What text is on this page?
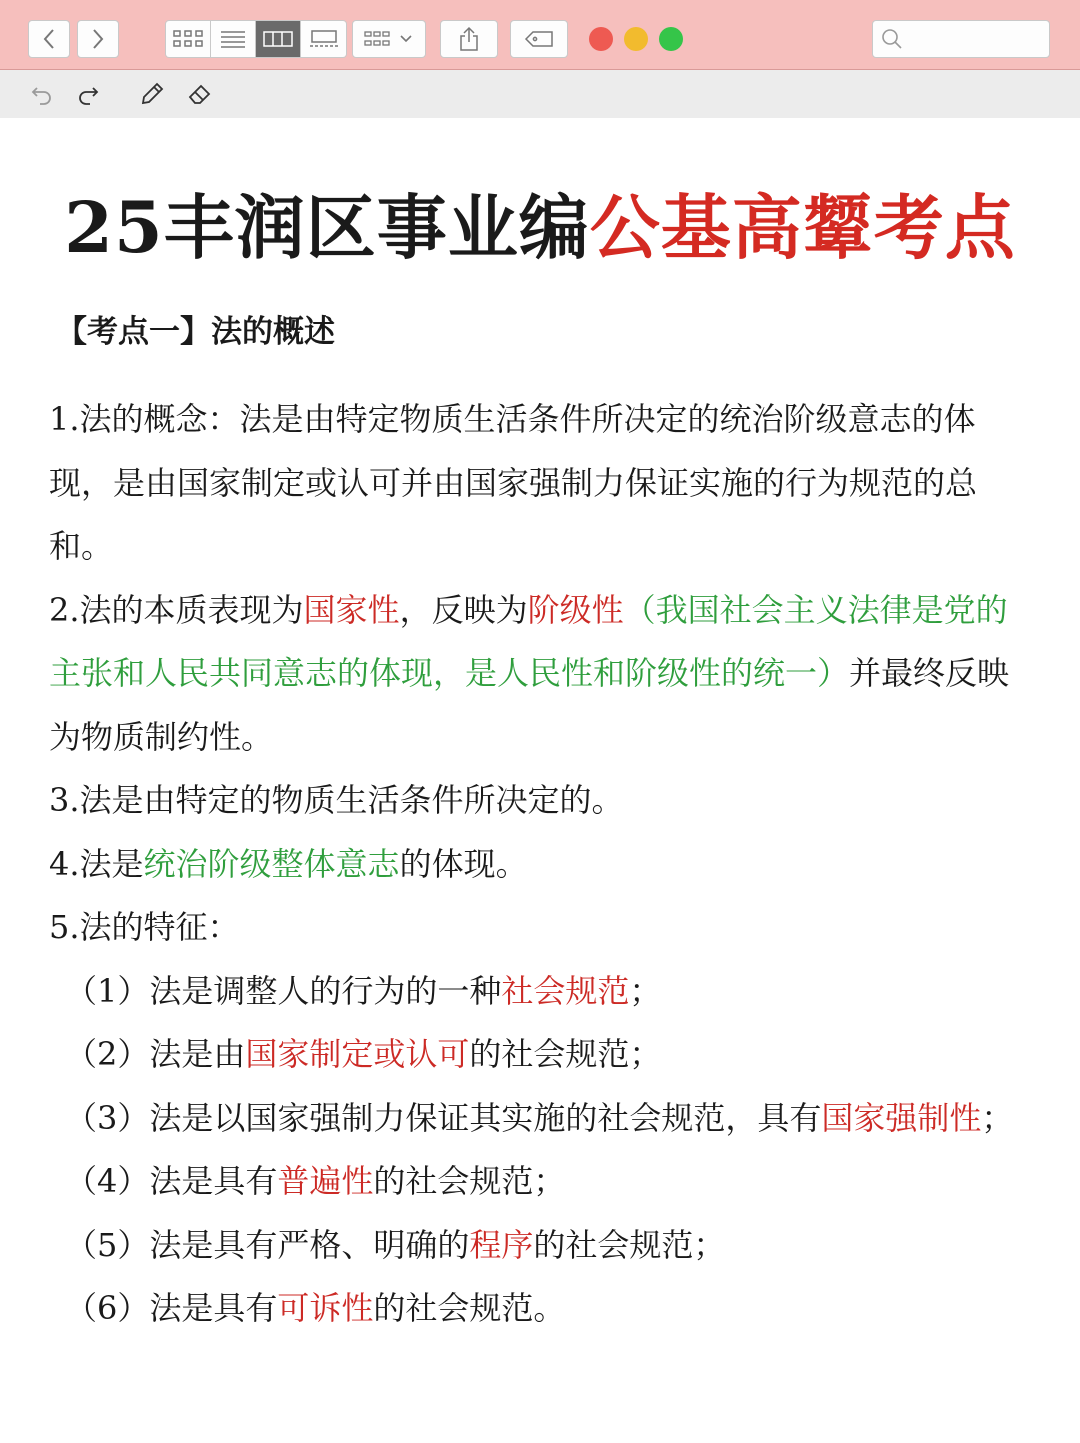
25丰润区事业编公基高颦考点
【考点一】法的概述

1.法的概念：法是由特定物质生活条件所决定的统治阶级意志的体现，是由国家制定或认可并由国家强制力保证实施的行为规范的总和。

2.法的本质表现为国家性，反映为阶级性（我国社会主义法律是党的主张和人民共同意志的体现，是人民性和阶级性的统一）并最终反映为物质制约性。

3.法是由特定的物质生活条件所决定的。

4.法是统治阶级整体意志的体现。

5.法的特征：

（1）法是调整人的行为的一种社会规范；

（2）法是由国家制定或认可的社会规范；

（3）法是以国家强制力保证其实施的社会规范，具有国家强制性；

（4）法是具有普遍性的社会规范；

（5）法是具有严格、明确的程序的社会规范；

（6）法是具有可诉性的社会规范。
